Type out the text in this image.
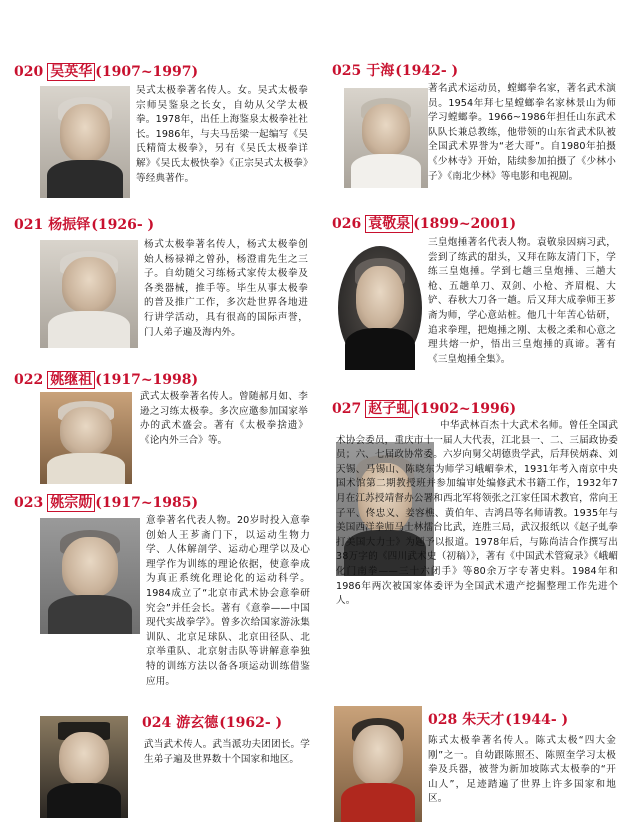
020 吴英华 (1907~1997)
吴式太极拳著名传人。女。吴式太极拳宗师吴鉴泉之长女，自幼从父学太极拳。1978年，出任上海鉴泉太极拳社社长。1986年，与夫马岳梁一起编写《吴氏精简太极拳》，另有《吴氏太极拳详解》《吴氏太极快拳》《正宗吴式太极拳》等经典著作。
021 杨振铎(1926- )
杨式太极拳著名传人，杨式太极拳创始人杨禄禅之曾孙，杨澄甫先生之三子。自幼随父习练杨式家传太极拳及各类器械，推手等。毕生从事太极拳的普及推广工作，多次赴世界各地进行讲学活动，具有很高的国际声誉，门人弟子遍及海内外。
022 姚继祖 (1917~1998)
武式太极拳著名传人。曾随郝月如、李逊之习练太极拳。多次应邀参加国家举办的武术盛会。著有《太极拳捨遗》《论内外三合》等。
023 姚宗勋 (1917~1985)
意拳著名代表人物。20岁时投入意拳创始人王芗斋门下，以运动生物力学、人体解剖学、运动心理学以及心理学作为训练的理论依据，使意拳成为真正系统化理论化的运动科学。1984成立了“北京市武术协会意拳研究会”并任会长。著有《意拳——中国现代实战拳学》。曾多次给国家游泳集训队、北京足球队、北京田径队、北京举重队、北京射击队等讲解意拳独特的训练方法以备各项运动训练借鉴应用。
024 游玄德(1962- )
武当武术传人。武当派功夫团团长。学生弟子遍及世界数十个国家和地区。
025 于海(1942- )
著名武术运动员，螳螂拳名家，著名武术演员。1954年拜七星螳螂拳名家林景山为师学习螳螂拳。1966~1986年担任山东武术队队长兼总教练，他带领的山东省武术队被全国武术界誉为“老大哥”。自1980年拍摄《少林寺》开始，陆续参加拍摄了《少林小子》《南北少林》等电影和电视剧。
026 袁敬泉 (1899~2001)
三皇炮捶著名代表人物。袁敬泉因病习武，尝到了练武的甜头，又拜在陈友清门下，学练三皇炮捶。学到七趟三皇炮捶、三趟大枪、五趟单刀、双剑、小枪、齐眉棍、大铲、春秋大刀各一趟。后又拜大成拳师王芗斋为师，学心意站桩。他几十年苦心钻研，追求拳理，把炮捶之刚、太极之柔和心意之理共熔一炉，悟出三皇炮捶的真谛。著有《三皇炮捶全集》。
027 赵子虬 (1902~1996)
中华武林百杰十大武术名师。曾任全国武术协会委员，重庆市十一届人大代表，江北县一、二、三届政协委员；六、七届政协常委。六岁向舅父胡德贵学武，后拜侯炳森、刘天锡、马锡山、陈晓东为师学习峨嵋拳术，1931年考入南京中央国术馆第二期教授班并参加编审处编修武术书籍工作，1932年7月在江苏授靖督办公署和西北军将领张之江家任国术教官，常向王子平、佟忠义、姜容樵、黄伯年、吉鸿昌等名师请教。1935年与美国西洋拳师马士林擂台比武，连胜三局，武汉报纸以《赵子虬拳打美国大力士》为题予以报道。1978年后，与陈尚洁合作撰写出38万字的《四川武术史（初稿）》，著有《中国武术管窥录》《峨嵋化门南拳——三十六闭手》等80余万字专著史料。1984年和1986年两次被国家体委评为全国武术遗产挖掘整理工作先进个人。
028 朱天才(1944- )
陈式太极拳著名传人。陈式太极“四大金刚”之一。自幼跟陈照丕、陈照奎学习太极拳及兵器，被誉为新加坡陈式太极拳的“开山人”，足迹踏遍了世界上许多国家和地区。
